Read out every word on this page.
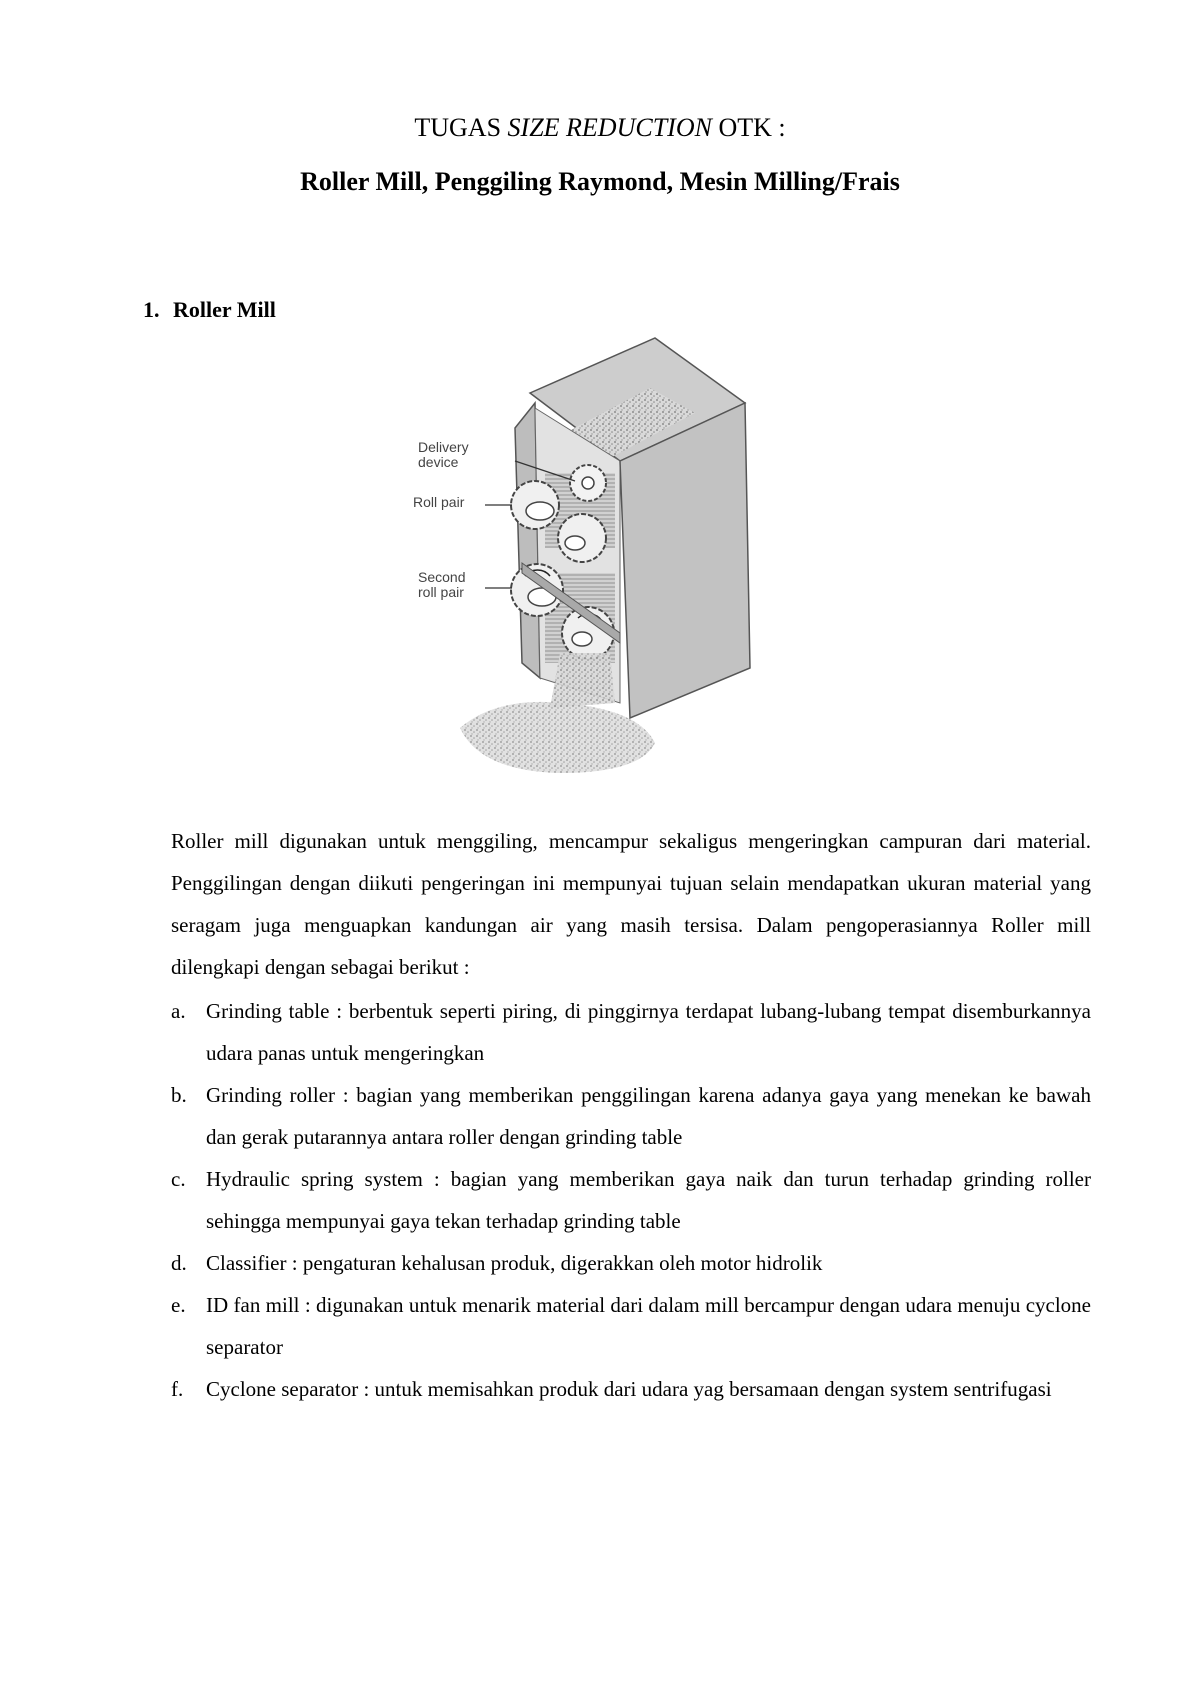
TUGAS SIZE REDUCTION OTK :
Roller Mill, Penggiling Raymond, Mesin Milling/Frais
1. Roller Mill
Delivery
device
Roll pair
Second
roll pair

Roller mill digunakan untuk menggiling, mencampur sekaligus mengeringkan campuran dari material. Penggilingan dengan diikuti pengeringan ini mempunyai tujuan selain mendapatkan ukuran material yang seragam juga menguapkan kandungan air yang masih tersisa. Dalam pengoperasiannya Roller mill dilengkapi dengan sebagai berikut :

a. Grinding table : berbentuk seperti piring, di pinggirnya terdapat lubang-lubang tempat disemburkannya udara panas untuk mengeringkan
b. Grinding roller : bagian yang memberikan penggilingan karena adanya gaya yang menekan ke bawah dan gerak putarannya antara roller dengan grinding table
c. Hydraulic spring system : bagian yang memberikan gaya naik dan turun terhadap grinding roller sehingga mempunyai gaya tekan terhadap grinding table
d. Classifier : pengaturan kehalusan produk, digerakkan oleh motor hidrolik
e. ID fan mill : digunakan untuk menarik material dari dalam mill bercampur dengan udara menuju cyclone separator
f. Cyclone separator : untuk memisahkan produk dari udara yag bersamaan dengan system sentrifugasi
